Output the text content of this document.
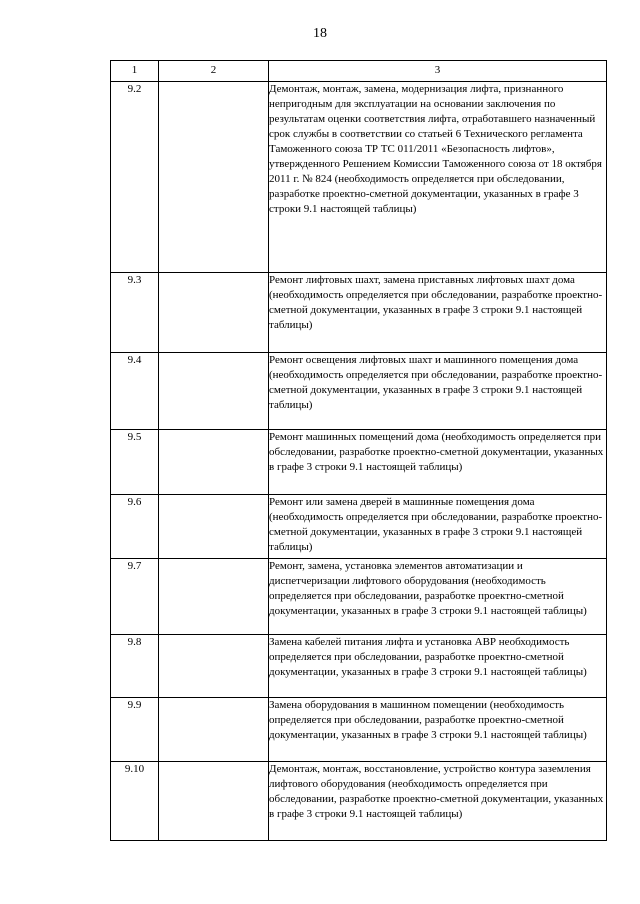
18
1	2	3
9.2		Демонтаж, монтаж, замена, модернизация лифта, признанного непригодным для эксплуатации на основании заключения по результатам оценки соответствия лифта, отработавшего назначенный срок службы в соответствии со статьей 6 Технического регламента Таможенного союза ТР ТС 011/2011 «Безопасность лифтов», утвержденного Решением Комиссии Таможенного союза от 18 октября 2011 г. № 824 (необходимость определяется при обследовании, разработке проектно-сметной документации, указанных в графе 3 строки 9.1 настоящей таблицы)
9.3		Ремонт лифтовых шахт, замена приставных лифтовых шахт дома (необходимость определяется при обследовании, разработке проектно-сметной документации, указанных в графе 3 строки 9.1 настоящей таблицы)
9.4		Ремонт освещения лифтовых шахт и машинного помещения дома (необходимость определяется при обследовании, разработке проектно-сметной документации, указанных в графе 3 строки 9.1 настоящей таблицы)
9.5		Ремонт машинных помещений дома (необходимость определяется при обследовании, разработке проектно-сметной документации, указанных в графе 3 строки 9.1 настоящей таблицы)
9.6		Ремонт или замена дверей в машинные помещения дома (необходимость определяется при обследовании, разработке проектно-сметной документации, указанных в графе 3 строки 9.1 настоящей таблицы)
9.7		Ремонт, замена, установка элементов автоматизации и диспетчеризации лифтового оборудования (необходимость определяется при обследовании, разработке проектно-сметной документации, указанных в графе 3 строки 9.1 настоящей таблицы)
9.8		Замена кабелей питания лифта и установка АВР необходимость определяется при обследовании, разработке проектно-сметной документации, указанных в графе 3 строки 9.1 настоящей таблицы)
9.9		Замена оборудования в машинном помещении (необходимость определяется при обследовании, разработке проектно-сметной документации, указанных в графе 3 строки 9.1 настоящей таблицы)
9.10		Демонтаж, монтаж, восстановление, устройство контура заземления лифтового оборудования (необходимость определяется при обследовании, разработке проектно-сметной документации, указанных в графе 3 строки 9.1 настоящей таблицы)
